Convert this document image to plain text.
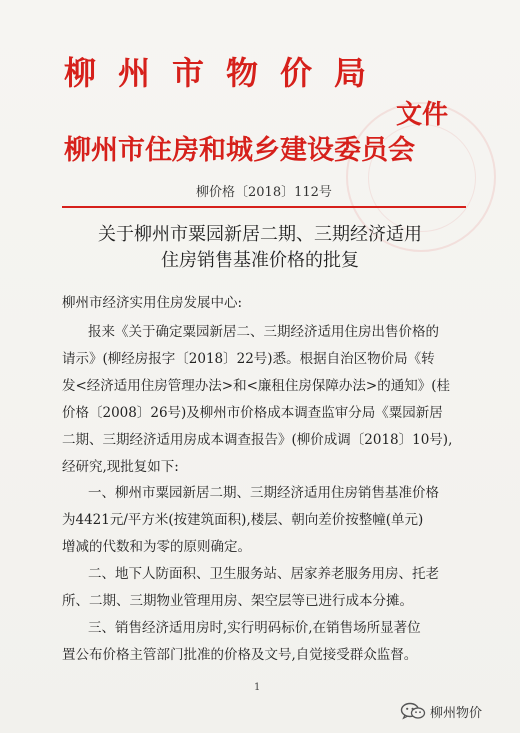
柳州市物价局
文件
柳州市住房和城乡建设委员会
柳价格〔2018〕112号
关于柳州市粟园新居二期、三期经济适用
住房销售基准价格的批复
柳州市经济实用住房发展中心:
报来《关于确定粟园新居二、三期经济适用住房出售价格的
请示》(柳经房报字〔2018〕22号)悉。根据自治区物价局《转
发<经济适用住房管理办法>和<廉租住房保障办法>的通知》(桂
价格〔2008〕26号)及柳州市价格成本调查监审分局《粟园新居
二期、三期经济适用房成本调查报告》(柳价成调〔2018〕10号),
经研究,现批复如下:
一、柳州市粟园新居二期、三期经济适用住房销售基准价格
为4421元/平方米(按建筑面积),楼层、朝向差价按整幢(单元)
增减的代数和为零的原则确定。
二、地下人防面积、卫生服务站、居家养老服务用房、托老
所、二期、三期物业管理用房、架空层等已进行成本分摊。
三、销售经济适用房时,实行明码标价,在销售场所显著位
置公布价格主管部门批准的价格及文号,自觉接受群众监督。
1
柳州物价
